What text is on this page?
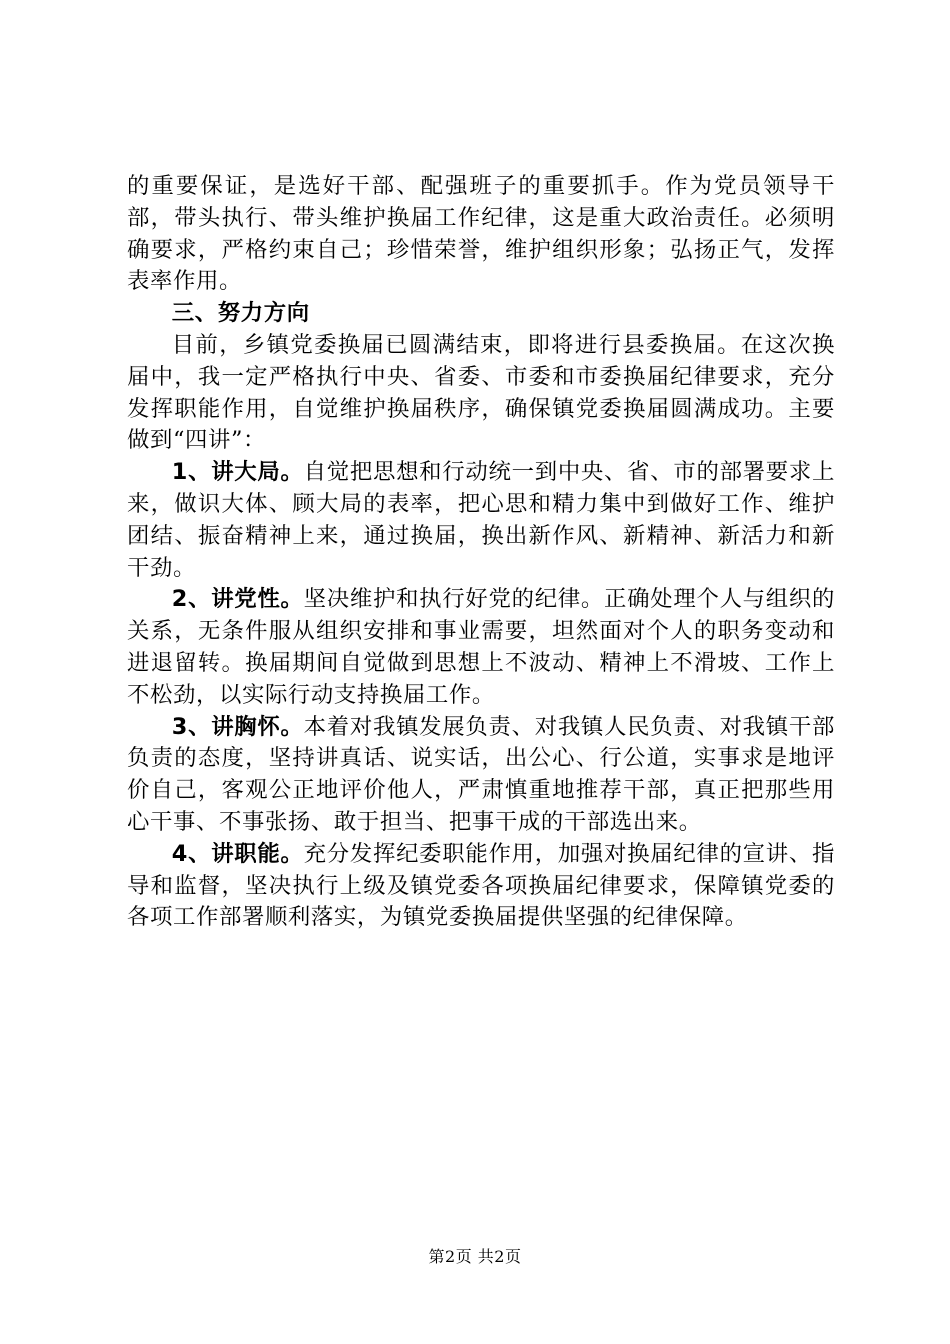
的重要保证，是选好干部、配强班子的重要抓手。作为党员领导干部，带头执行、带头维护换届工作纪律，这是重大政治责任。必须明确要求，严格约束自己；珍惜荣誉，维护组织形象；弘扬正气，发挥表率作用。

三、努力方向

目前，乡镇党委换届已圆满结束，即将进行县委换届。在这次换届中，我一定严格执行中央、省委、市委和市委换届纪律要求，充分发挥职能作用，自觉维护换届秩序，确保镇党委换届圆满成功。主要做到“四讲”：

1、讲大局。自觉把思想和行动统一到中央、省、市的部署要求上来，做识大体、顾大局的表率，把心思和精力集中到做好工作、维护团结、振奋精神上来，通过换届，换出新作风、新精神、新活力和新干劲。

2、讲党性。坚决维护和执行好党的纪律。正确处理个人与组织的关系，无条件服从组织安排和事业需要，坦然面对个人的职务变动和进退留转。换届期间自觉做到思想上不波动、精神上不滑坡、工作上不松劲，以实际行动支持换届工作。

3、讲胸怀。本着对我镇发展负责、对我镇人民负责、对我镇干部负责的态度，坚持讲真话、说实话，出公心、行公道，实事求是地评价自己，客观公正地评价他人，严肃慎重地推荐干部，真正把那些用心干事、不事张扬、敢于担当、把事干成的干部选出来。

4、讲职能。充分发挥纪委职能作用，加强对换届纪律的宣讲、指导和监督，坚决执行上级及镇党委各项换届纪律要求，保障镇党委的各项工作部署顺利落实，为镇党委换届提供坚强的纪律保障。

第2页 共2页
